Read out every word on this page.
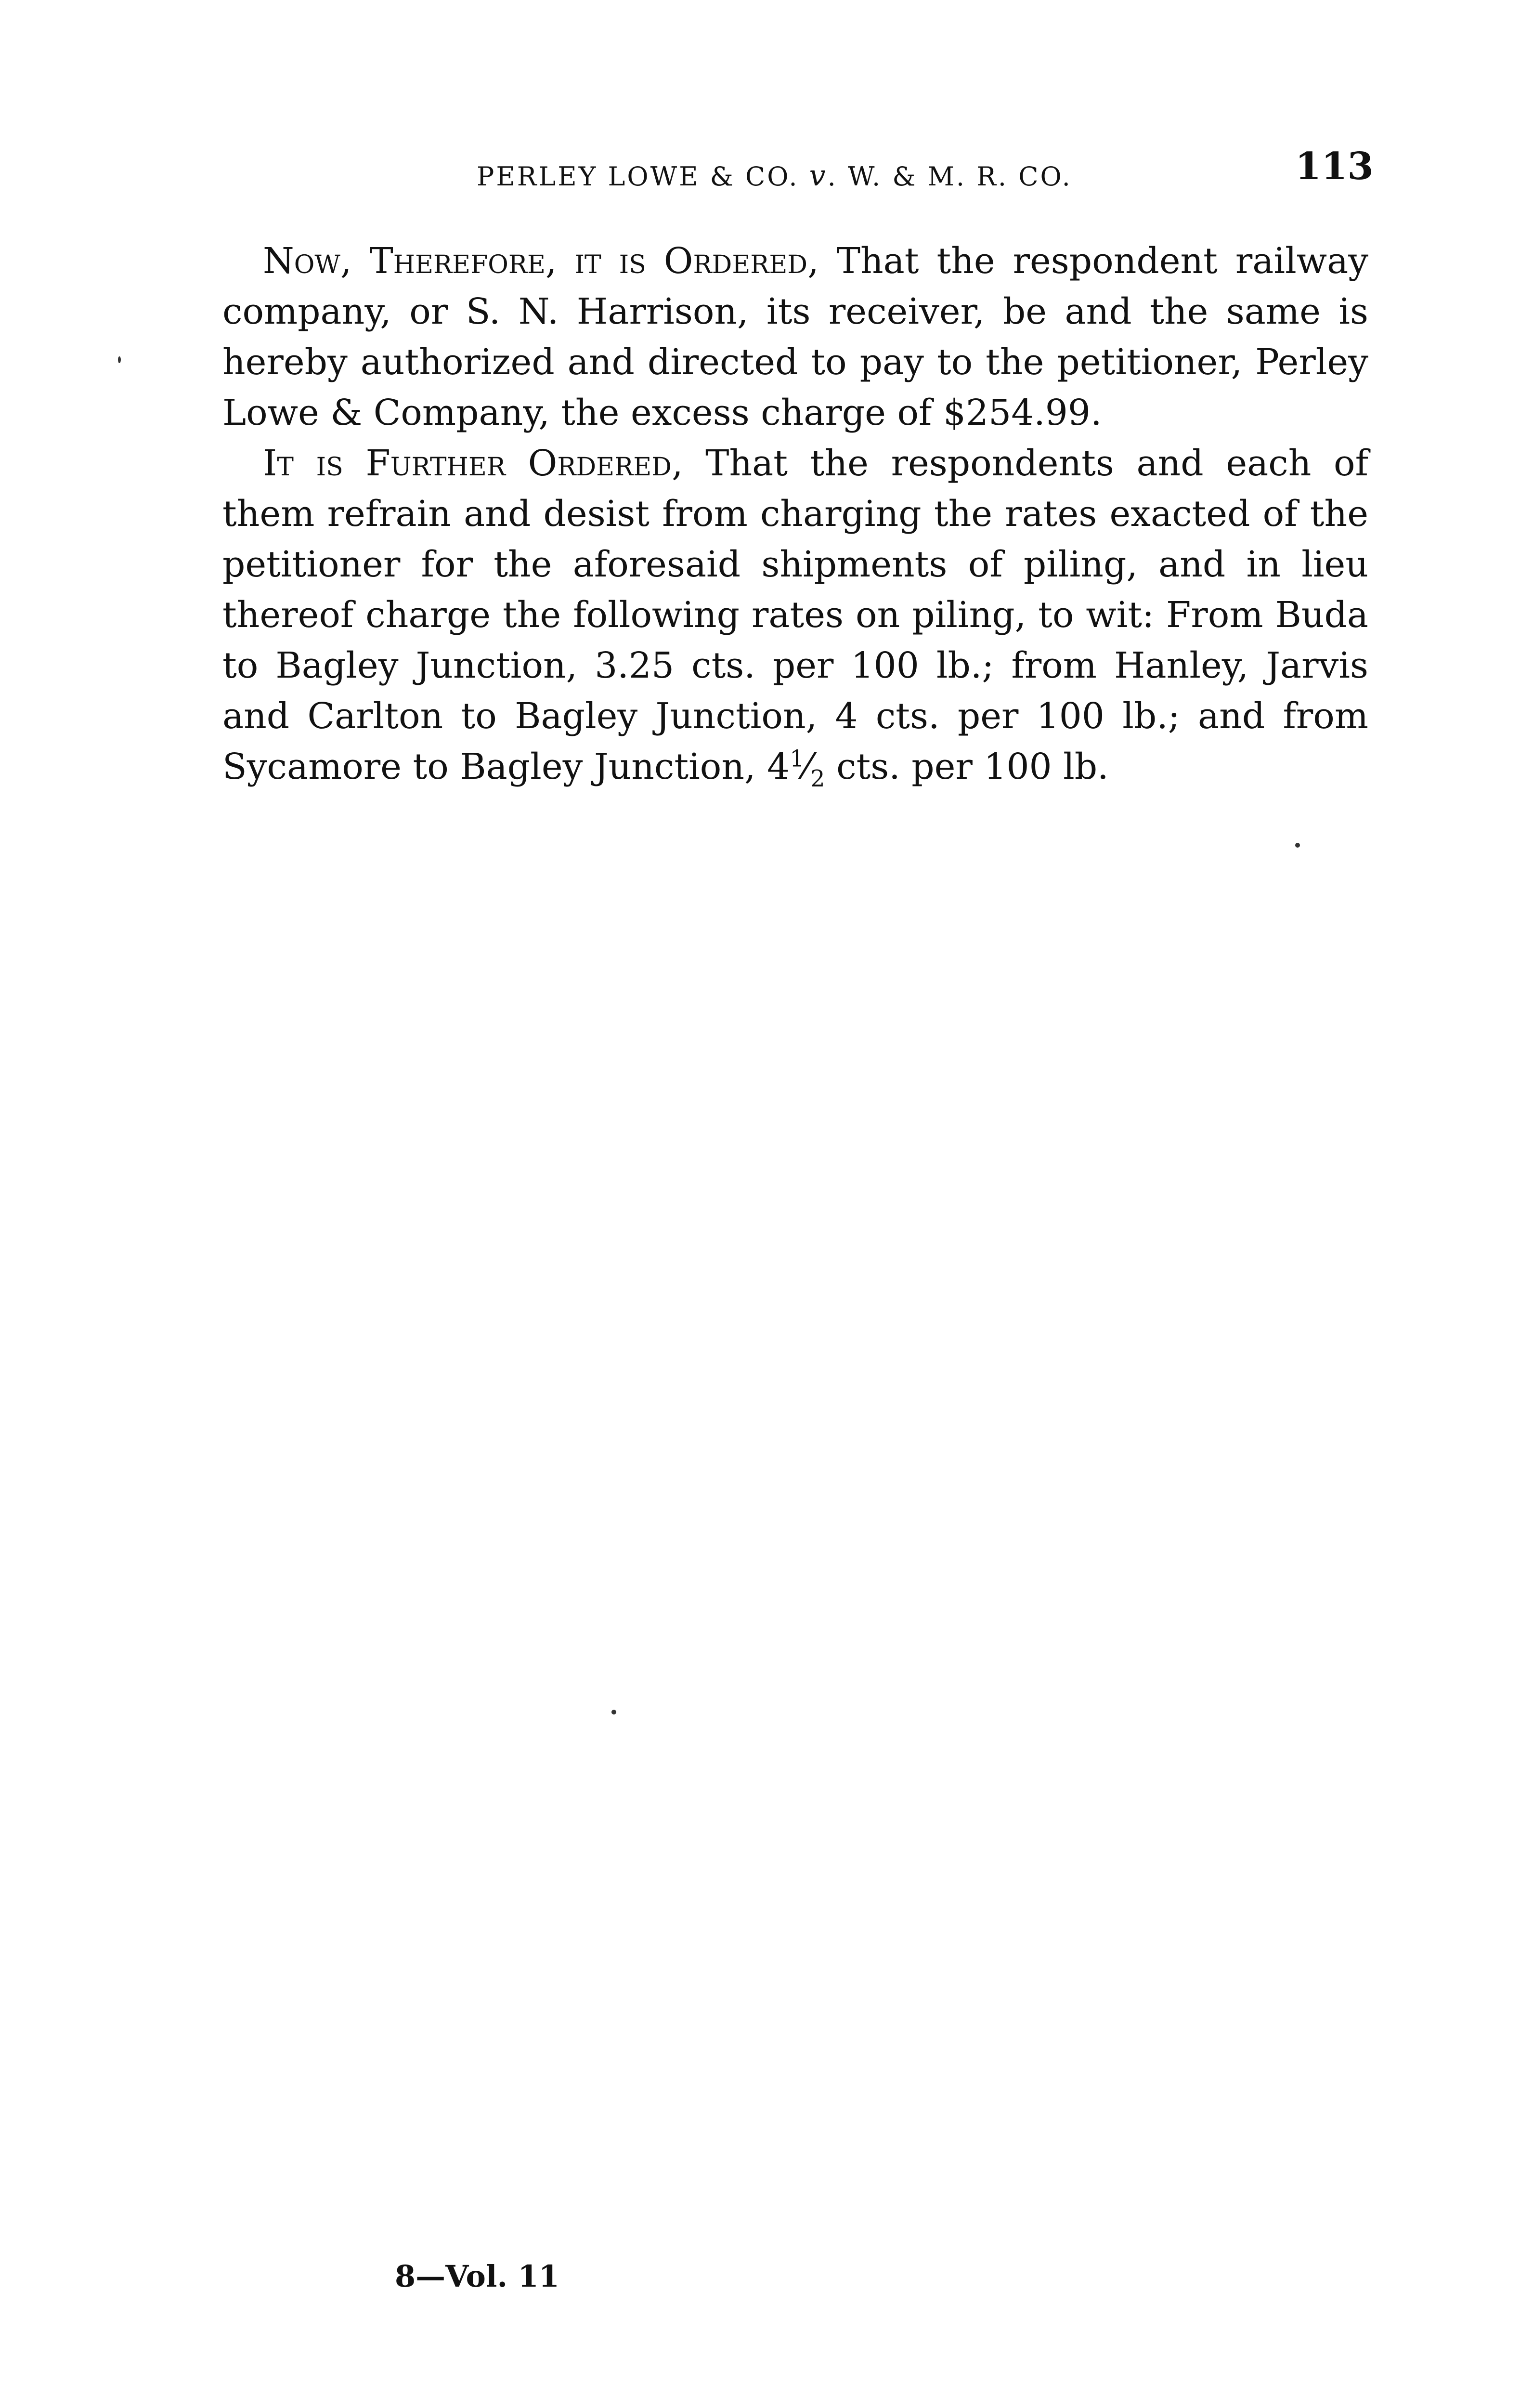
PERLEY LOWE & CO. v. W. & M. R. CO.	113

Now, Therefore, it is Ordered, That the respondent railway company, or S. N. Harrison, its receiver, be and the same is hereby authorized and directed to pay to the petitioner, Perley Lowe & Company, the excess charge of $254.99.

It is Further Ordered, That the respondents and each of them refrain and desist from charging the rates exacted of the petitioner for the aforesaid shipments of piling, and in lieu thereof charge the following rates on piling, to wit: From Buda to Bagley Junction, 3.25 cts. per 100 lb.; from Hanley, Jarvis and Carlton to Bagley Junction, 4 cts. per 100 lb.; and from Sycamore to Bagley Junction, $4^1⁄_2$ cts. per 100 lb.

8—Vol. 11
